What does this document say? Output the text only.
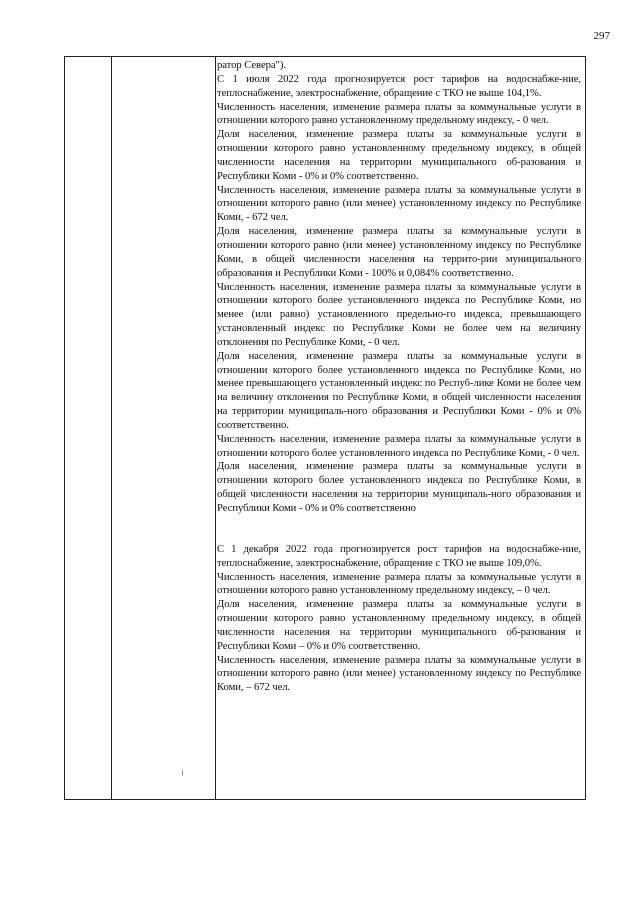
297

ратор Севера").

С 1 июля 2022 года прогнозируется рост тарифов на водоснабже-ние, теплоснабжение, электроснабжение, обращение с ТКО не выше 104,1%.

Численность населения, изменение размера платы за коммунальные услуги в отношении которого равно установленному предельному индексу, - 0 чел.

Доля населения, изменение размера платы за коммунальные услуги в отношении которого равно установленному предельному индексу, в общей численности населения на территории муниципального об-разования и Республики Коми - 0% и 0% соответственно.

Численность населения, изменение размера платы за коммунальные услуги в отношении которого равно (или менее) установленному индексу по Республике Коми, - 672 чел.

Доля населения, изменение размера платы за коммунальные услуги в отношении которого равно (или менее) установленному индексу по Республике Коми, в общей численности населения на террито-рии муниципального образования и Республики Коми - 100% и 0,084% соответственно.

Численность населения, изменение размера платы за коммунальные услуги в отношении которого более установленного индекса по Республике Коми, но менее (или равно) установленного предельно-го индекса, превышающего установленный индекс по Республике Коми не более чем на величину отклонения по Республике Коми, - 0 чел.

Доля населения, изменение размера платы за коммунальные услуги в отношении которого более установленного индекса по Республике Коми, но менее превышающего установленный индекс по Респуб-лике Коми не более чем на величину отклонения по Республике Коми, в общей численности населения на территории муниципаль-ного образования и Республики Коми - 0% и 0% соответственно.

Численность населения, изменение размера платы за коммунальные услуги в отношении которого более установленного индекса по Республике Коми, - 0 чел.

Доля населения, изменение размера платы за коммунальные услуги в отношении которого более установленного индекса по Республике Коми, в общей численности населения на территории муниципаль-ного образования и Республики Коми - 0% и 0% соответственно

С 1 декабря 2022 года прогнозируется рост тарифов на водоснабже-ние, теплоснабжение, электроснабжение, обращение с ТКО не выше 109,0%.

Численность населения, изменение размера платы за коммунальные услуги в отношении которого равно установленному предельному индексу, – 0 чел.

Доля населения, изменение размера платы за коммунальные услуги в отношении которого равно установленному предельному индексу, в общей численности населения на территории муниципального об-разования и Республики Коми – 0% и 0% соответственно.

Численность населения, изменение размера платы за коммунальные услуги в отношении которого равно (или менее) установленному индексу по Республике Коми, – 672 чел.
